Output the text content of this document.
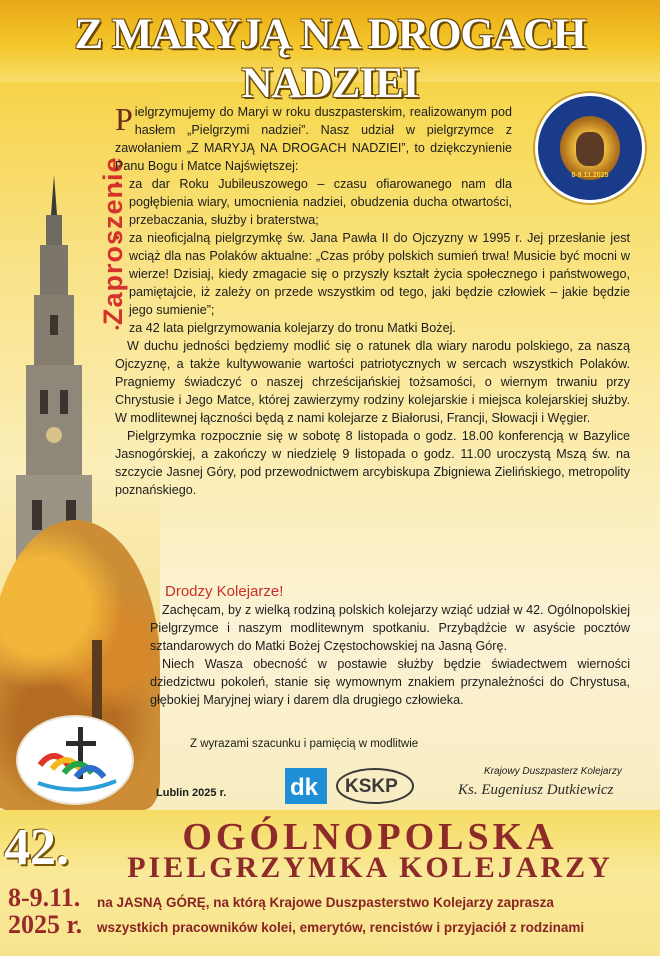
Z MARYJĄ NA DROGACH NADZIEI
Zaproszenie	8-9.11.2025
P ielgrzymujemy do Maryi w roku duszpasterskim, realizowanym pod hasłem „Pielgrzymi nadziei”. Nasz udział w pielgrzymce z zawołaniem „Z MARYJĄ NA DROGACH NADZIEI”, to dziękczynienie Panu Bogu i Matce Najświętszej:

• za dar Roku Jubileuszowego – czasu ofiarowanego nam dla pogłębienia wiary, umocnienia nadziei, obudzenia ducha otwartości, przebaczania, służby i braterstwa;
• za nieoficjalną pielgrzymkę św. Jana Pawła II do Ojczyzny w 1995 r. Jej przesłanie jest wciąż dla nas Polaków aktualne: „Czas próby polskich sumień trwa! Musicie być mocni w wierze! Dzisiaj, kiedy zmagacie się o przyszły kształt życia społecznego i państwowego, pamiętajcie, iż zależy on przede wszystkim od tego, jaki będzie człowiek – jakie będzie jego sumienie”;
• za 42 lata pielgrzymowania kolejarzy do tronu Matki Bożej.

W duchu jedności będziemy modlić się o ratunek dla wiary narodu polskiego, za naszą Ojczyznę, a także kultywowanie wartości patriotycznych w sercach wszystkich Polaków. Pragniemy świadczyć o naszej chrześcijańskiej tożsamości, o wiernym trwaniu przy Chrystusie i Jego Matce, której zawierzymy rodziny kolejarskie i miejsca kolejarskiej służby. W modlitewnej łączności będą z nami kolejarze z Białorusi, Francji, Słowacji i Węgier.

Pielgrzymka rozpocznie się w sobotę 8 listopada o godz. 18.00 konferencją w Bazylice Jasnogórskiej, a zakończy w niedzielę 9 listopada o godz. 11.00 uroczystą Mszą św. na szczycie Jasnej Góry, pod przewodnictwem arcybiskupa Zbigniewa Zielińskiego, metropolity poznańskiego.

Drodzy Kolejarze!

Zachęcam, by z wielką rodziną polskich kolejarzy wziąć udział w 42. Ogólnopolskiej Pielgrzymce i naszym modlitewnym spotkaniu. Przybądźcie w asyście pocztów sztandarowych do Matki Bożej Częstochowskiej na Jasną Górę.

Niech Wasza obecność w postawie służby będzie świadectwem wierności dziedzictwu pokoleń, stanie się wymownym znakiem przynależności do Chrystusa, głębokiej Maryjnej wiary i darem dla drugiego człowieka.

Z wyrazami szacunku i pamięcią w modlitwie
Krajowy Duszpasterz Kolejarzy
Ks. Eugeniusz Dutkiewicz
Lublin 2025 r.	dk KSKP
42.	OGÓLNOPOLSKA
PIELGRZYMKA KOLEJARZY
8-9.11.
2025 r.
na JASNĄ GÓRĘ, na którą Krajowe Duszpasterstwo Kolejarzy zaprasza
wszystkich pracowników kolei, emerytów, rencistów i przyjaciół z rodzinami
